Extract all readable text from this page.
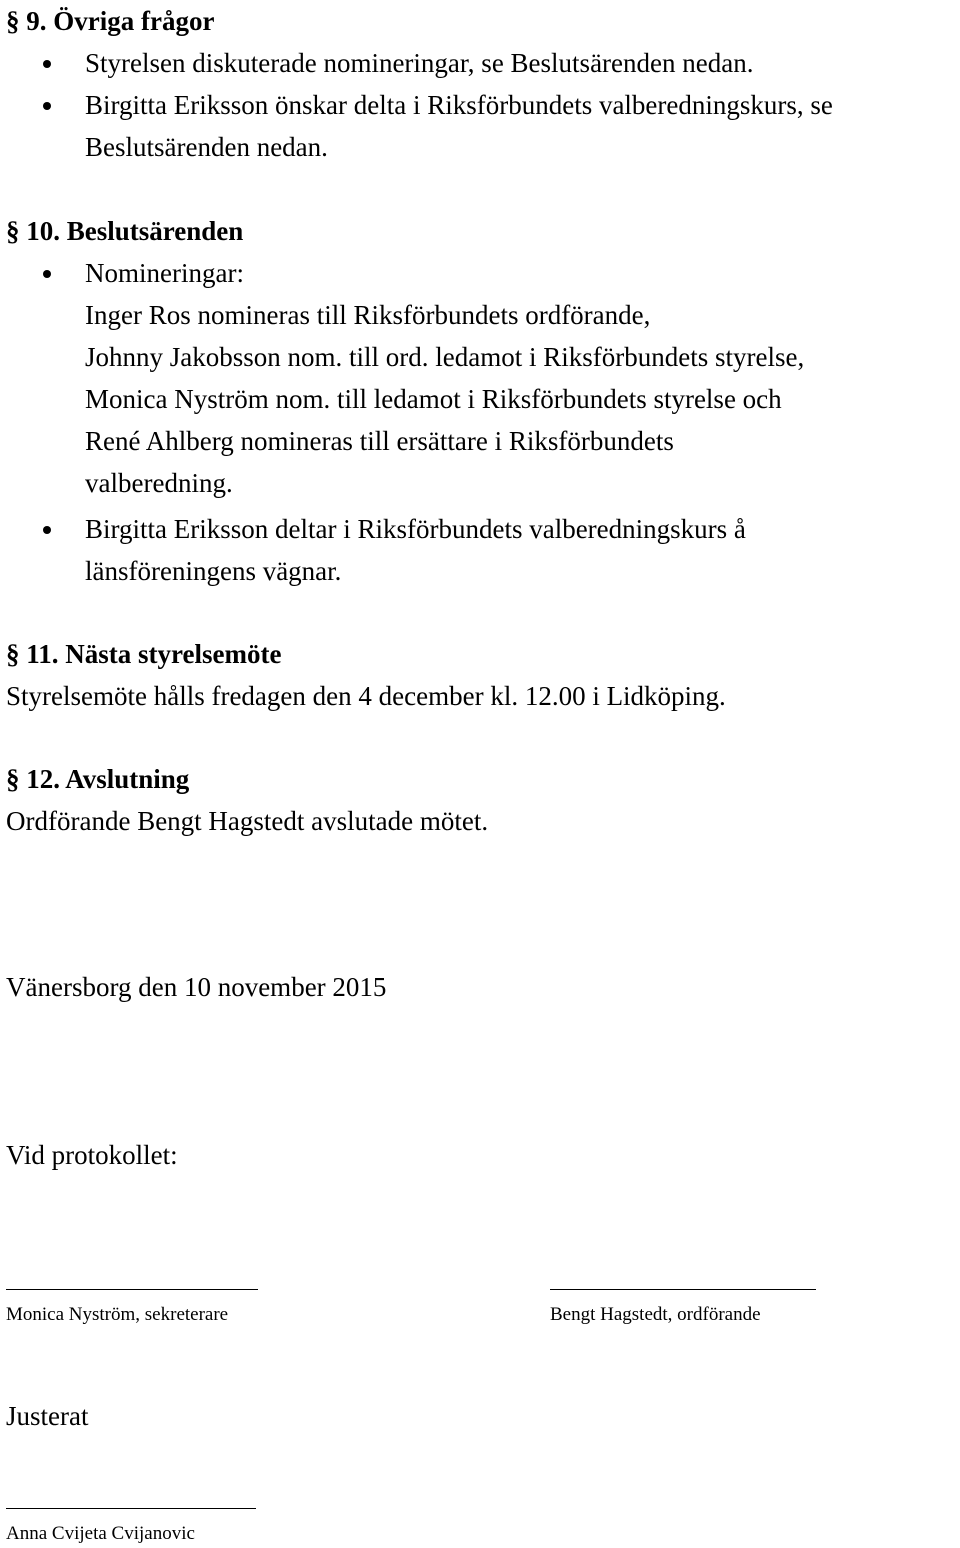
§ 9. Övriga frågor
Styrelsen diskuterade nomineringar, se Beslutsärenden nedan.
Birgitta Eriksson önskar delta i Riksförbundets valberedningskurs, se
Beslutsärenden nedan.
§ 10. Beslutsärenden
Nomineringar:
Inger Ros nomineras till Riksförbundets ordförande,
Johnny Jakobsson nom. till ord. ledamot i Riksförbundets styrelse,
Monica Nyström nom. till ledamot i Riksförbundets styrelse och
René Ahlberg nomineras till ersättare i Riksförbundets
valberedning.
Birgitta Eriksson deltar i Riksförbundets valberedningskurs å
länsföreningens vägnar.
§ 11. Nästa styrelsemöte
Styrelsemöte hålls fredagen den 4 december kl. 12.00 i Lidköping.
§ 12. Avslutning
Ordförande Bengt Hagstedt avslutade mötet.
Vänersborg den 10 november 2015
Vid protokollet:
Monica Nyström, sekreterare	Bengt Hagstedt, ordförande
Justerat
Anna Cvijeta Cvijanovic
